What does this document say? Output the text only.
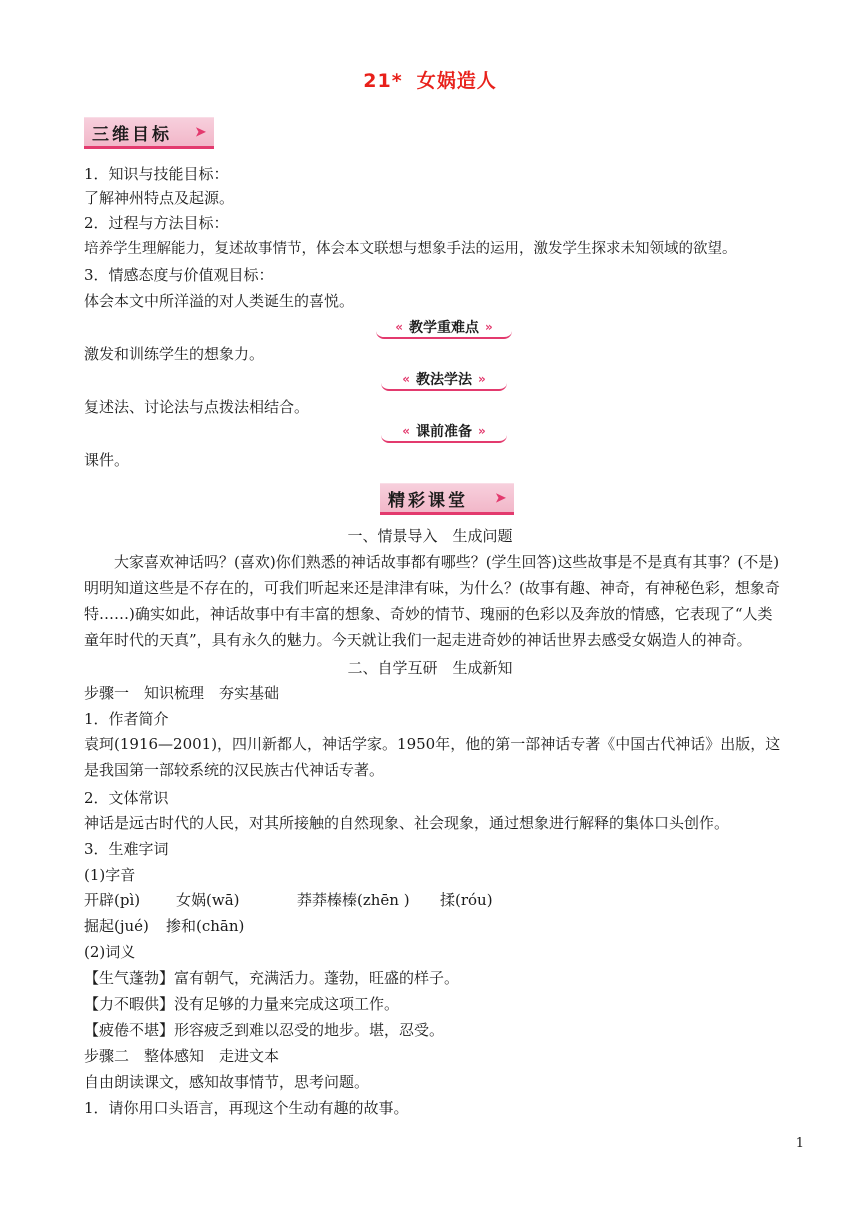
21* 女娲造人
三维目标 ➤
1．知识与技能目标：
了解神州特点及起源。
2．过程与方法目标：
培养学生理解能力，复述故事情节，体会本文联想与想象手法的运用，激发学生探求未知领域的欲望。
3．情感态度与价值观目标：
体会本文中所洋溢的对人类诞生的喜悦。
« 教学重难点 »
激发和训练学生的想象力。
« 教法学法 »
复述法、讨论法与点拨法相结合。
« 课前准备 »
课件。
精彩课堂 ➤
一、情景导入　生成问题
大家喜欢神话吗？(喜欢)你们熟悉的神话故事都有哪些？(学生回答)这些故事是不是真有其事？(不是)明明知道这些是不存在的，可我们听起来还是津津有味，为什么？(故事有趣、神奇，有神秘色彩，想象奇特……)确实如此，神话故事中有丰富的想象、奇妙的情节、瑰丽的色彩以及奔放的情感，它表现了“人类童年时代的天真”，具有永久的魅力。今天就让我们一起走进奇妙的神话世界去感受女娲造人的神奇。
二、自学互研　生成新知
步骤一　知识梳理　夯实基础
1．作者简介
袁珂(1916—2001)，四川新都人，神话学家。1950年，他的第一部神话专著《中国古代神话》出版，这是我国第一部较系统的汉民族古代神话专著。
2．文体常识
神话是远古时代的人民，对其所接触的自然现象、社会现象，通过想象进行解释的集体口头创作。
3．生难字词
(1)字音
开辟(pì) 女娲(wā)	莽莽榛榛(zhēn ) 揉(róu)
掘起(jué) 掺和(chān)
(2)词义
【生气蓬勃】富有朝气，充满活力。蓬勃，旺盛的样子。
【力不暇供】没有足够的力量来完成这项工作。
【疲倦不堪】形容疲乏到难以忍受的地步。堪，忍受。
步骤二　整体感知　走进文本
自由朗读课文，感知故事情节，思考问题。
1．请你用口头语言，再现这个生动有趣的故事。
1
